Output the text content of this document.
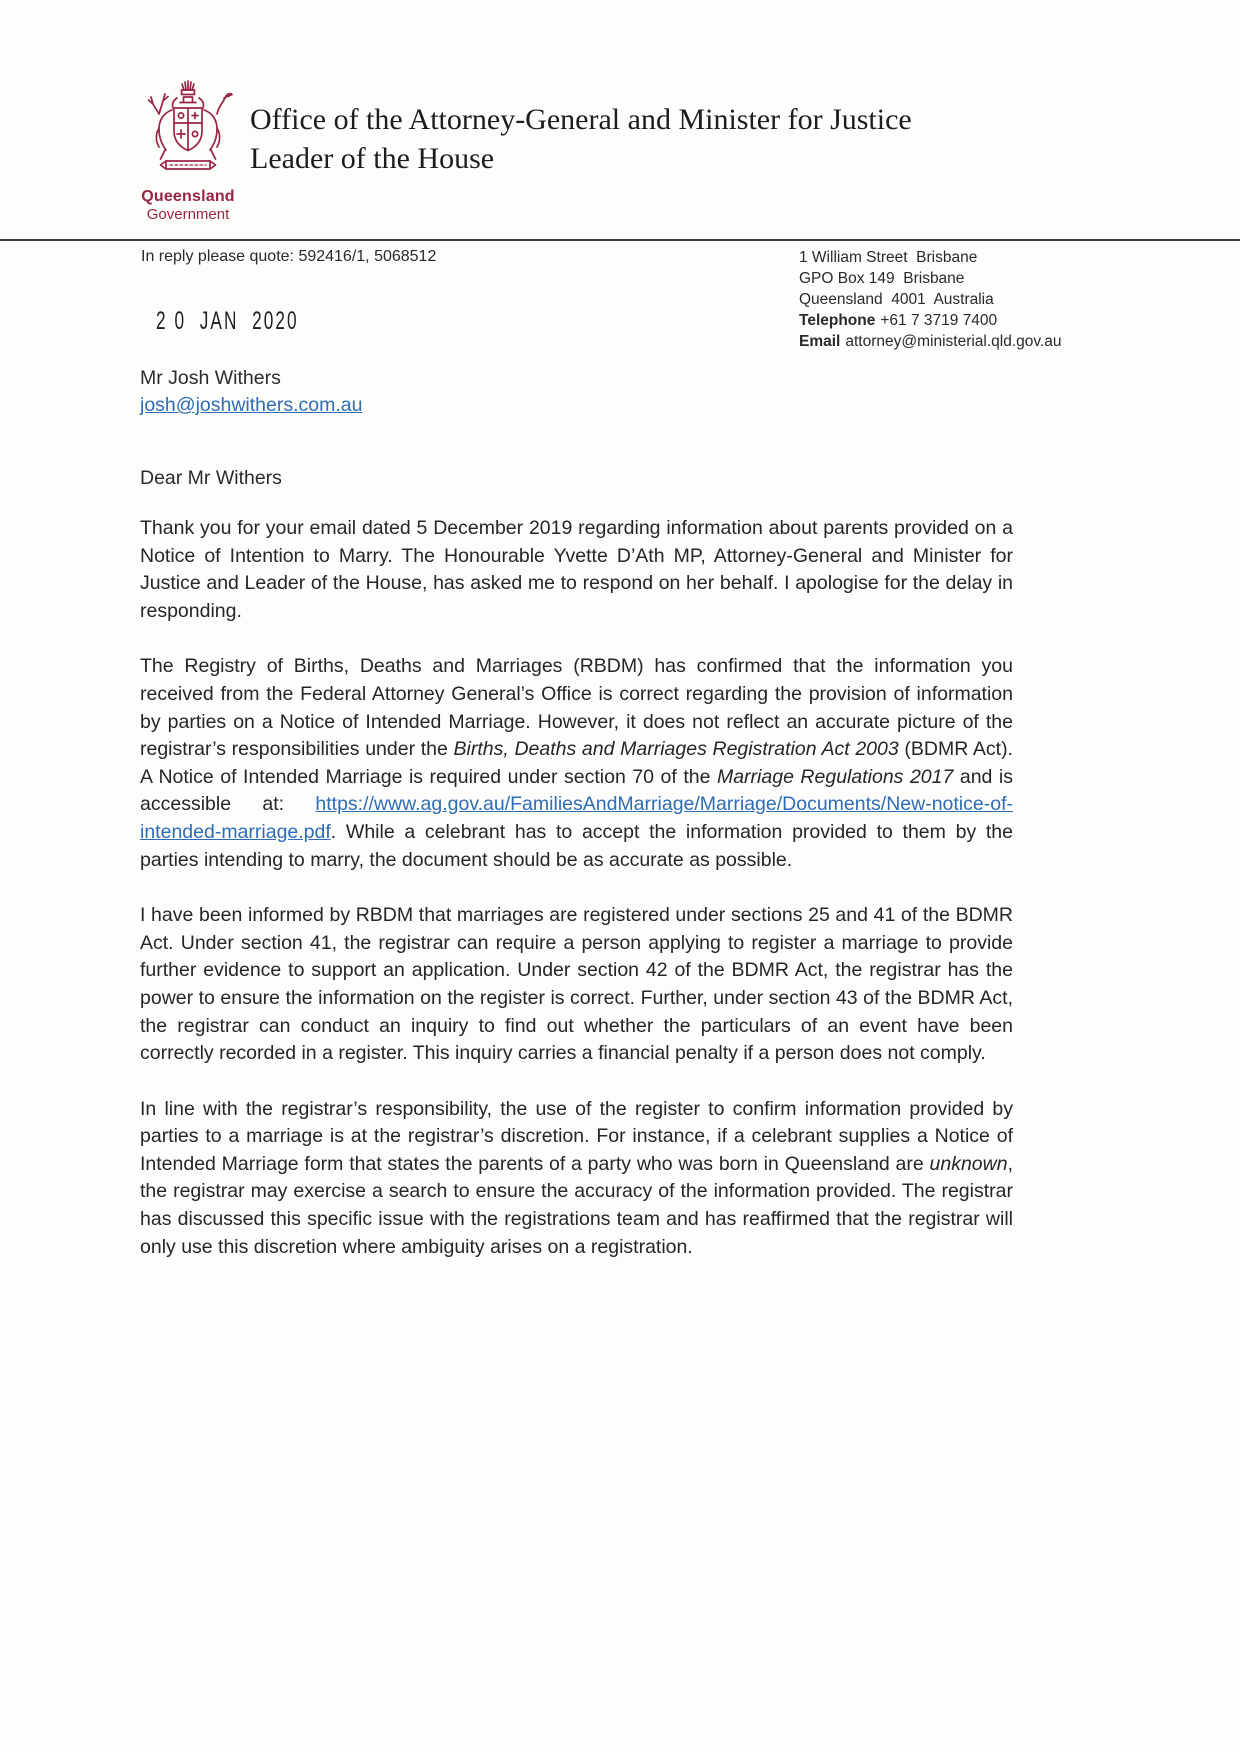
Queensland
Government
Office of the Attorney-General and Minister for Justice
Leader of the House
In reply please quote: 592416/1, 5068512	1 William Street  Brisbane
GPO Box 149  Brisbane
Queensland  4001  Australia
Telephone +61 7 3719 7400
Email attorney@ministerial.qld.gov.au
2 0  JAN  2020
Mr Josh Withers
josh@joshwithers.com.au
Dear Mr Withers

Thank you for your email dated 5 December 2019 regarding information about parents provided on a Notice of Intention to Marry. The Honourable Yvette D’Ath MP, Attorney-General and Minister for Justice and Leader of the House, has asked me to respond on her behalf. I apologise for the delay in responding.

The Registry of Births, Deaths and Marriages (RBDM) has confirmed that the information you received from the Federal Attorney General’s Office is correct regarding the provision of information by parties on a Notice of Intended Marriage. However, it does not reflect an accurate picture of the registrar’s responsibilities under the Births, Deaths and Marriages Registration Act 2003 (BDMR Act). A Notice of Intended Marriage is required under section 70 of the Marriage Regulations 2017 and is accessible at: https://www.ag.gov.au/FamiliesAndMarriage/Marriage/Documents/New-notice-of-intended-marriage.pdf. While a celebrant has to accept the information provided to them by the parties intending to marry, the document should be as accurate as possible.

I have been informed by RBDM that marriages are registered under sections 25 and 41 of the BDMR Act. Under section 41, the registrar can require a person applying to register a marriage to provide further evidence to support an application. Under section 42 of the BDMR Act, the registrar has the power to ensure the information on the register is correct. Further, under section 43 of the BDMR Act, the registrar can conduct an inquiry to find out whether the particulars of an event have been correctly recorded in a register. This inquiry carries a financial penalty if a person does not comply.

In line with the registrar’s responsibility, the use of the register to confirm information provided by parties to a marriage is at the registrar’s discretion. For instance, if a celebrant supplies a Notice of Intended Marriage form that states the parents of a party who was born in Queensland are unknown, the registrar may exercise a search to ensure the accuracy of the information provided. The registrar has discussed this specific issue with the registrations team and has reaffirmed that the registrar will only use this discretion where ambiguity arises on a registration.
